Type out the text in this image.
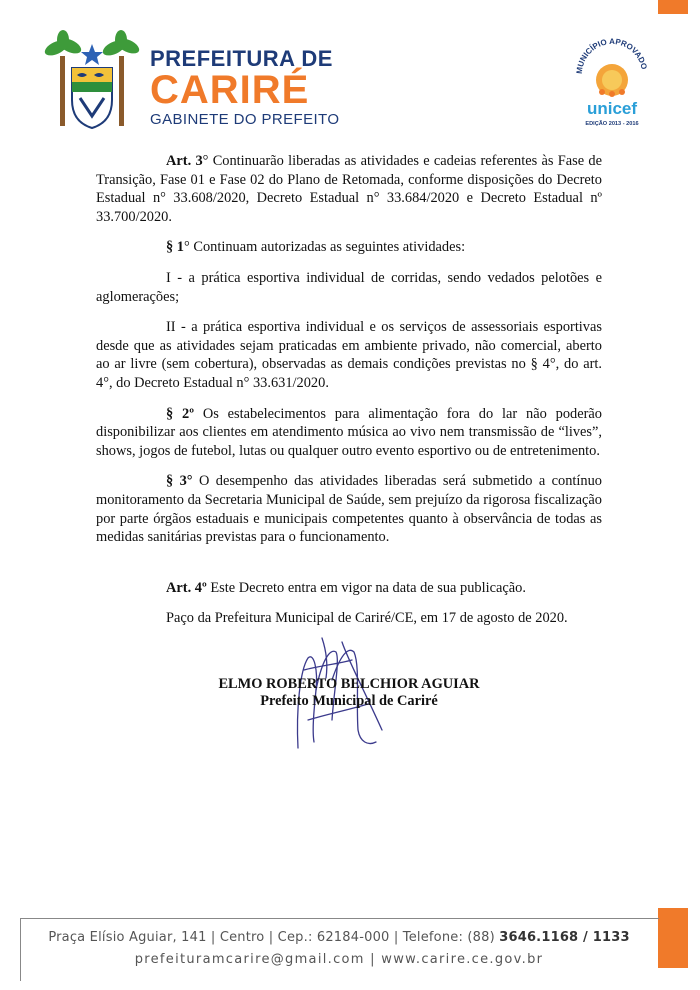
PREFEITURA DE
CARIRÉ
GABINETE DO PREFEITO
MUNICÍPIO APROVADO
unicef
EDIÇÃO 2013 - 2016

Art. 3° Continuarão liberadas as atividades e cadeias referentes às Fase de Transição, Fase 01 e Fase 02 do Plano de Retomada, conforme disposições do Decreto Estadual n° 33.608/2020, Decreto Estadual n° 33.684/2020 e Decreto Estadual nº 33.700/2020.

§ 1° Continuam autorizadas as seguintes atividades:

I - a prática esportiva individual de corridas, sendo vedados pelotões e aglomerações;

II - a prática esportiva individual e os serviços de assessoriais esportivas desde que as atividades sejam praticadas em ambiente privado, não comercial, aberto ao ar livre (sem cobertura), observadas as demais condições previstas no § 4°, do art. 4°, do Decreto Estadual n° 33.631/2020.

§ 2º Os estabelecimentos para alimentação fora do lar não poderão disponibilizar aos clientes em atendimento música ao vivo nem transmissão de “lives”, shows, jogos de futebol, lutas ou qualquer outro evento esportivo ou de entretenimento.

§ 3° O desempenho das atividades liberadas será submetido a contínuo monitoramento da Secretaria Municipal de Saúde, sem prejuízo da rigorosa fiscalização por parte órgãos estaduais e municipais competentes quanto à observância de todas as medidas sanitárias previstas para o funcionamento.

Art. 4º Este Decreto entra em vigor na data de sua publicação.

Paço da Prefeitura Municipal de Cariré/CE, em 17 de agosto de 2020.

ELMO ROBERTO BELCHIOR AGUIAR
Prefeito Municipal de Cariré
Praça Elísio Aguiar, 141 | Centro | Cep.: 62184-000 | Telefone: (88) 3646.1168 / 1133
prefeituramcarire@gmail.com | www.carire.ce.gov.br
